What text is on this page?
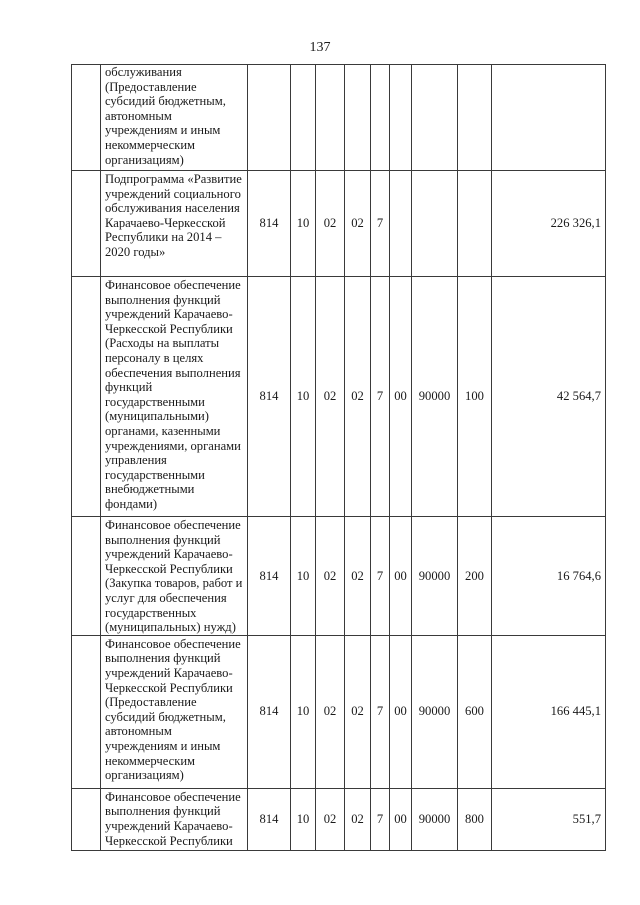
137
	обслуживания (Предоставление субсидий бюджетным, автономным учреждениям и иным некоммерческим организациям)									
	Подпрограмма «Развитие учреждений социального обслуживания населения Карачаево-Черкесской Республики на 2014 – 2020 годы»	814	10	02	02	7				226 326,1
	Финансовое обеспечение выполнения функций учреждений Карачаево-Черкесской Республики (Расходы на выплаты персоналу в целях обеспечения выполнения функций государственными (муниципальными) органами, казенными учреждениями, органами управления государственными внебюджетными фондами)	814	10	02	02	7	00	90000	100	42 564,7
	Финансовое обеспечение выполнения функций учреждений Карачаево-Черкесской Республики (Закупка товаров, работ и услуг для обеспечения государственных (муниципальных) нужд)	814	10	02	02	7	00	90000	200	16 764,6
	Финансовое обеспечение выполнения функций учреждений Карачаево-Черкесской Республики (Предоставление субсидий бюджетным, автономным учреждениям и иным некоммерческим организациям)	814	10	02	02	7	00	90000	600	166 445,1
	Финансовое обеспечение выполнения функций учреждений Карачаево-Черкесской Республики	814	10	02	02	7	00	90000	800	551,7
